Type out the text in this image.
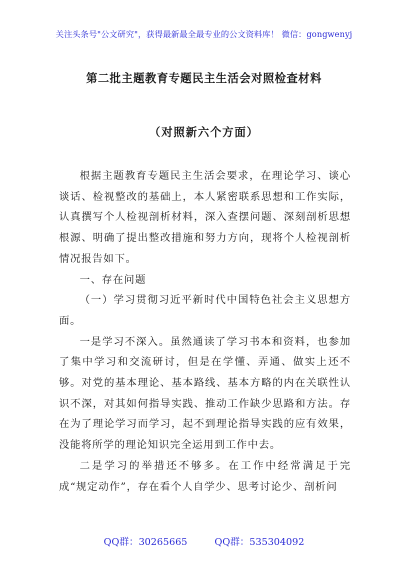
关注头条号"公文研究"，获得最新最全最专业的公文资料库！ 微信：gongwenyj
第二批主题教育专题民主生活会对照检查材料
（对照新六个方面）

根据主题教育专题民主生活会要求，在理论学习、谈心谈话、检视整改的基础上，本人紧密联系思想和工作实际，认真撰写个人检视剖析材料，深入查摆问题、深刻剖析思想根源、明确了提出整改措施和努力方向，现将个人检视剖析情况报告如下。

一、存在问题

（一）学习贯彻习近平新时代中国特色社会主义思想方面。

一是学习不深入。虽然通读了学习书本和资料，也参加了集中学习和交流研讨，但是在学懂、弄通、做实上还不够。对党的基本理论、基本路线、基本方略的内在关联性认识不深，对其如何指导实践、推动工作缺少思路和方法。存在为了理论学习而学习，起不到理论指导实践的应有效果，没能将所学的理论知识完全运用到工作中去。

二是学习的举措还不够多。在工作中经常满足于完成“规定动作”，存在看个人自学少、思考讨论少、剖析问

QQ群：30265665	QQ群：535304092
